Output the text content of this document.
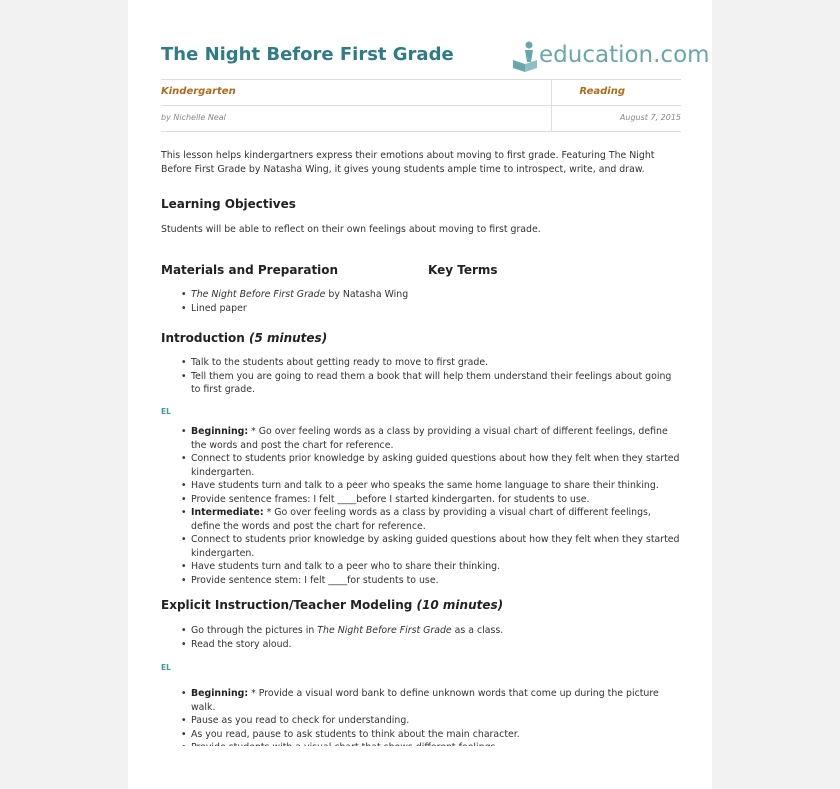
The Night Before First Grade	education.com
Kindergarten	Reading
by Nichelle Neal	August 7, 2015

This lesson helps kindergartners express their emotions about moving to first grade. Featuring The Night Before First Grade by Natasha Wing, it gives young students ample time to introspect, write, and draw.

Learning Objectives

Students will be able to reflect on their own feelings about moving to first grade.

Materials and Preparation	Key Terms
• The Night Before First Grade by Natasha Wing
• Lined paper
Introduction (5 minutes)
• Talk to the students about getting ready to move to first grade.
• Tell them you are going to read them a book that will help them understand their feelings about going to first grade.
EL
• Beginning: * Go over feeling words as a class by providing a visual chart of different feelings, define the words and post the chart for reference.
• Connect to students prior knowledge by asking guided questions about how they felt when they started kindergarten.
• Have students turn and talk to a peer who speaks the same home language to share their thinking.
• Provide sentence frames: I felt ____before I started kindergarten. for students to use.
• Intermediate: * Go over feeling words as a class by providing a visual chart of different feelings, define the words and post the chart for reference.
• Connect to students prior knowledge by asking guided questions about how they felt when they started kindergarten.
• Have students turn and talk to a peer who to share their thinking.
• Provide sentence stem: I felt ____for students to use.
Explicit Instruction/Teacher Modeling (10 minutes)
• Go through the pictures in The Night Before First Grade as a class.
• Read the story aloud.
EL
• Beginning: * Provide a visual word bank to define unknown words that come up during the picture walk.
• Pause as you read to check for understanding.
• As you read, pause to ask students to think about the main character.
•
•
